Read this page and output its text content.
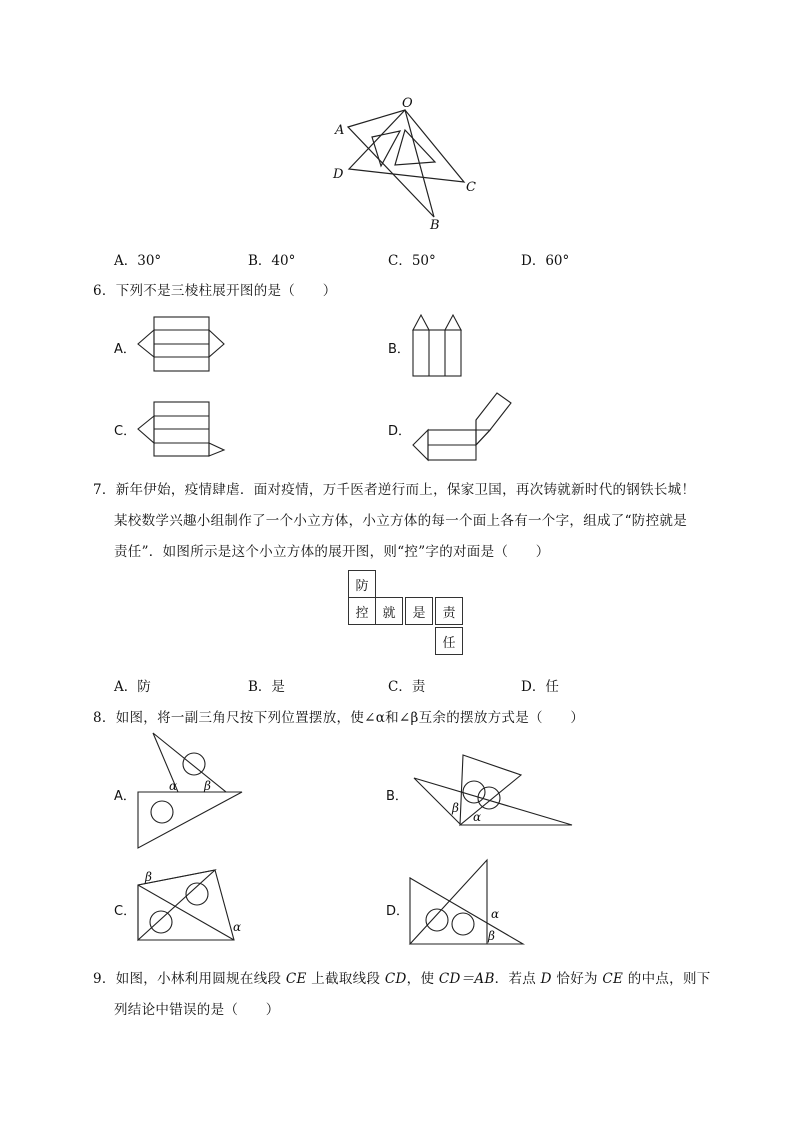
O
A
D
C
B
A．30°	B．40°	C．50°	D．60°
6．下列不是三棱柱展开图的是（　　）
A．	B．
C．	D．
7．新年伊始，疫情肆虐．面对疫情，万千医者逆行而上，保家卫国，再次铸就新时代的钢铁长城！
某校数学兴趣小组制作了一个小立方体，小立方体的每一个面上各有一个字，组成了“防控就是
责任”．如图所示是这个小立方体的展开图，则“控”字的对面是（　　）
防
控	就	是	责
任
A．防	B．是	C．责	D．任
8．如图，将一副三角尺按下列位置摆放，使∠α和∠β互余的摆放方式是（　　）
A．	B．
C．	D．
α β
β
α
β
α
α
β
9．如图，小林利用圆规在线段 CE 上截取线段 CD，使 CD＝AB．若点 D 恰好为 CE 的中点，则下
列结论中错误的是（　　）
